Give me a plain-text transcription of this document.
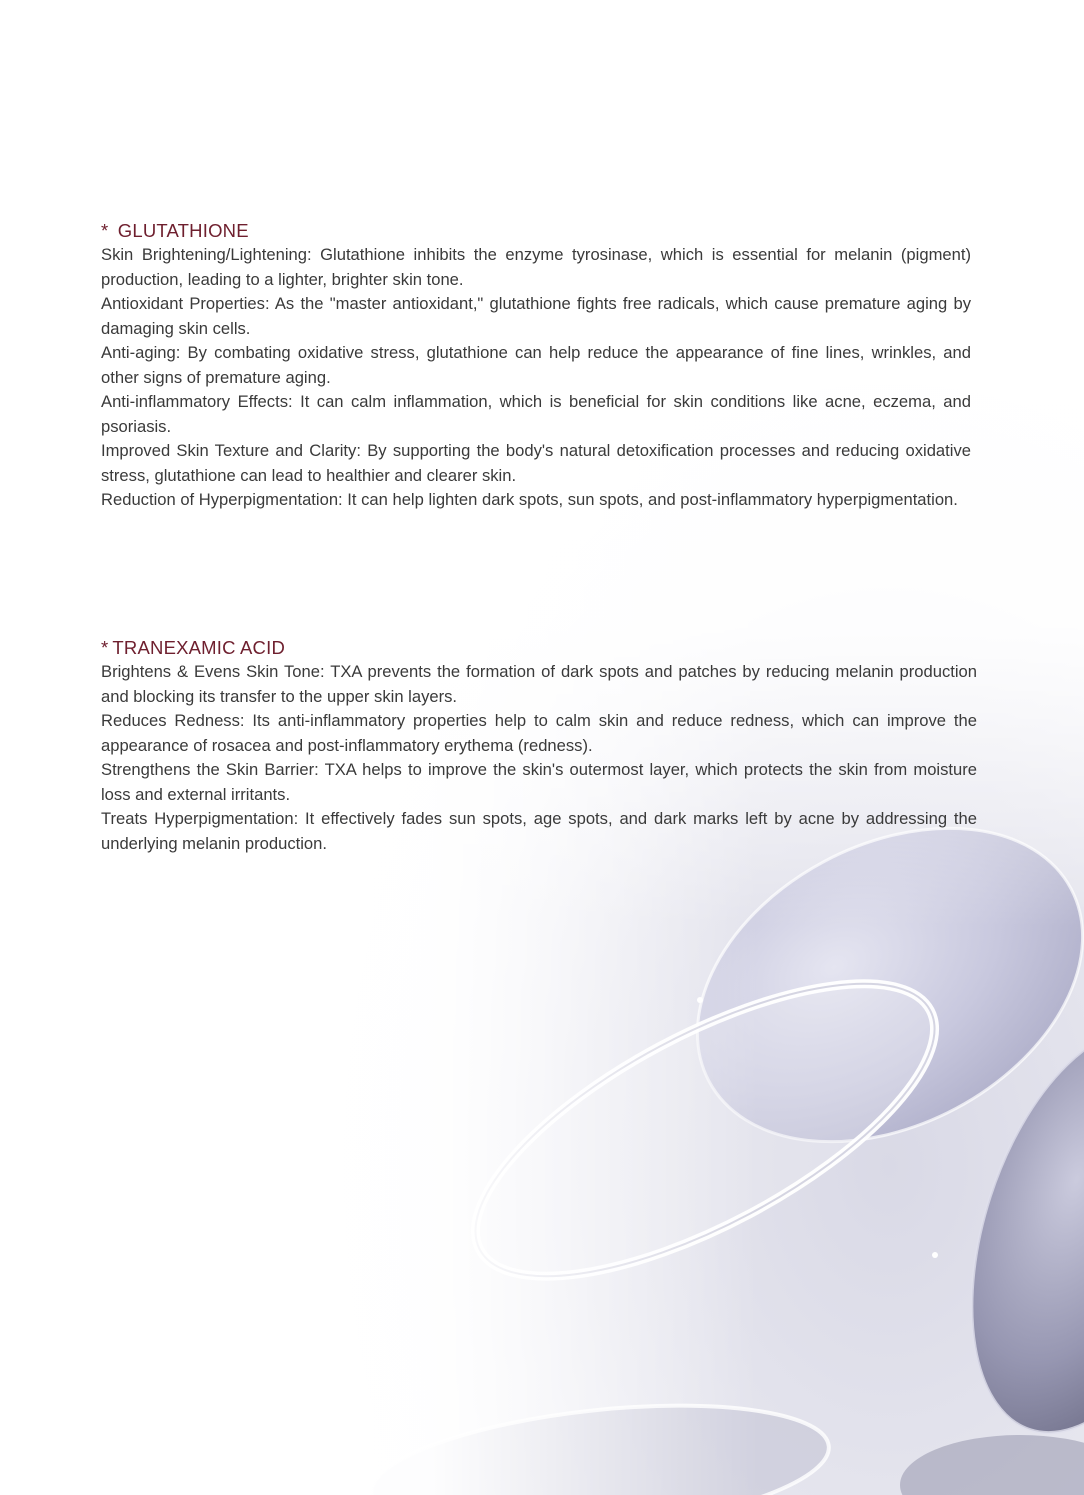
* GLUTATHIONE

Skin Brightening/Lightening: Glutathione inhibits the enzyme tyrosinase, which is essential for melanin (pigment) production, leading to a lighter, brighter skin tone.

Antioxidant Properties: As the "master antioxidant," glutathione fights free radicals, which cause premature aging by damaging skin cells.

Anti-aging: By combating oxidative stress, glutathione can help reduce the appearance of fine lines, wrinkles, and other signs of premature aging.

Anti-inflammatory Effects: It can calm inflammation, which is beneficial for skin conditions like acne, eczema, and psoriasis.

Improved Skin Texture and Clarity: By supporting the body's natural detoxification processes and reducing oxidative stress, glutathione can lead to healthier and clearer skin.

Reduction of Hyperpigmentation: It can help lighten dark spots, sun spots, and post-inflammatory hyperpigmentation.

* TRANEXAMIC ACID

Brightens & Evens Skin Tone: TXA prevents the formation of dark spots and patches by reducing melanin production and blocking its transfer to the upper skin layers.

Reduces Redness: Its anti-inflammatory properties help to calm skin and reduce redness, which can improve the appearance of rosacea and post-inflammatory erythema (redness).

Strengthens the Skin Barrier: TXA helps to improve the skin's outermost layer, which protects the skin from moisture loss and external irritants.

Treats Hyperpigmentation: It effectively fades sun spots, age spots, and dark marks left by acne by addressing the underlying melanin production.
